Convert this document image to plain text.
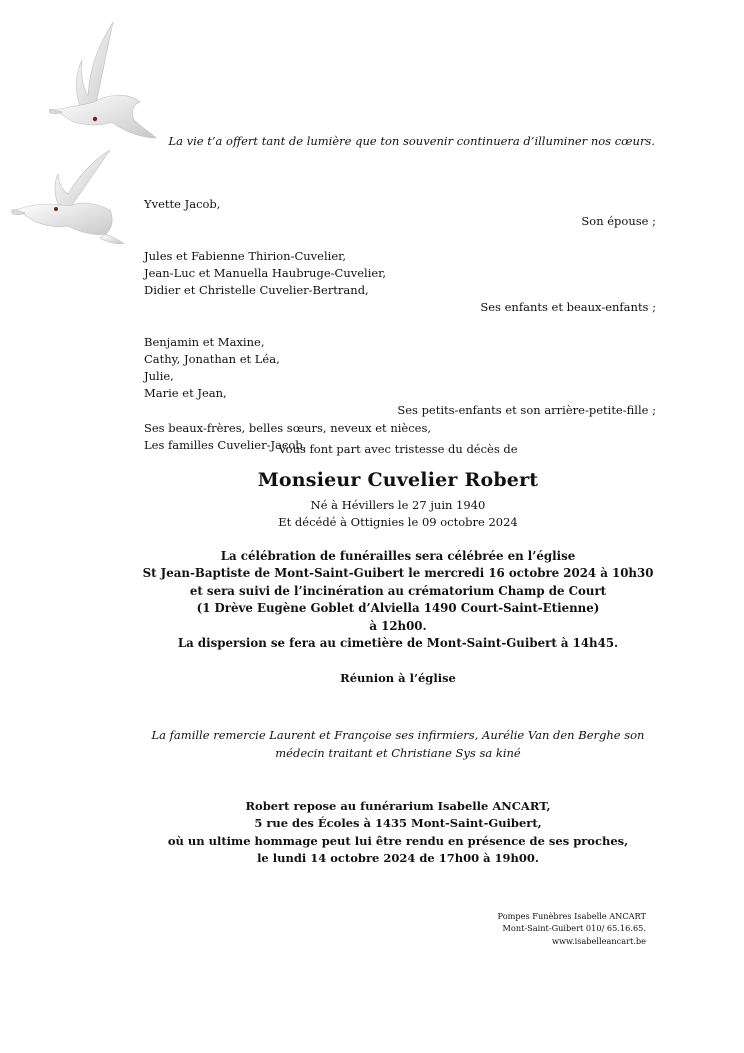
La vie t’a offert tant de lumière que ton souvenir continuera d’illuminer nos cœurs.
Yvette Jacob,
Son épouse ;
Jules et Fabienne Thirion-Cuvelier,
Jean-Luc et Manuella Haubruge-Cuvelier,
Didier et Christelle Cuvelier-Bertrand,
Ses enfants et beaux-enfants ;
Benjamin et Maxine,
Cathy, Jonathan et Léa,
Julie,
Marie et Jean,
Ses petits-enfants et son arrière-petite-fille ;
Ses beaux-frères, belles sœurs, neveux et nièces,
Les familles Cuvelier-Jacob,
Vous font part avec tristesse du décès de
Monsieur Cuvelier Robert
Né à Hévillers le 27 juin 1940
Et décédé à Ottignies le 09 octobre 2024
La célébration de funérailles sera célébrée en l’église
St Jean-Baptiste de Mont-Saint-Guibert le mercredi 16 octobre 2024 à 10h30
et sera suivi de l’incinération au crématorium Champ de Court
(1 Drève Eugène Goblet d’Alviella 1490 Court-Saint-Etienne)
à 12h00.
La dispersion se fera au cimetière de Mont-Saint-Guibert à 14h45.
Réunion à l’église
La famille remercie Laurent et Françoise ses infirmiers, Aurélie Van den Berghe son
médecin traitant et Christiane Sys sa kiné
Robert repose au funérarium Isabelle ANCART,
5 rue des Écoles à 1435 Mont-Saint-Guibert,
où un ultime hommage peut lui être rendu en présence de ses proches,
le lundi 14 octobre 2024 de 17h00 à 19h00.
Pompes Funèbres Isabelle ANCART
Mont-Saint-Guibert 010/ 65.16.65.
www.isabelleancart.be
